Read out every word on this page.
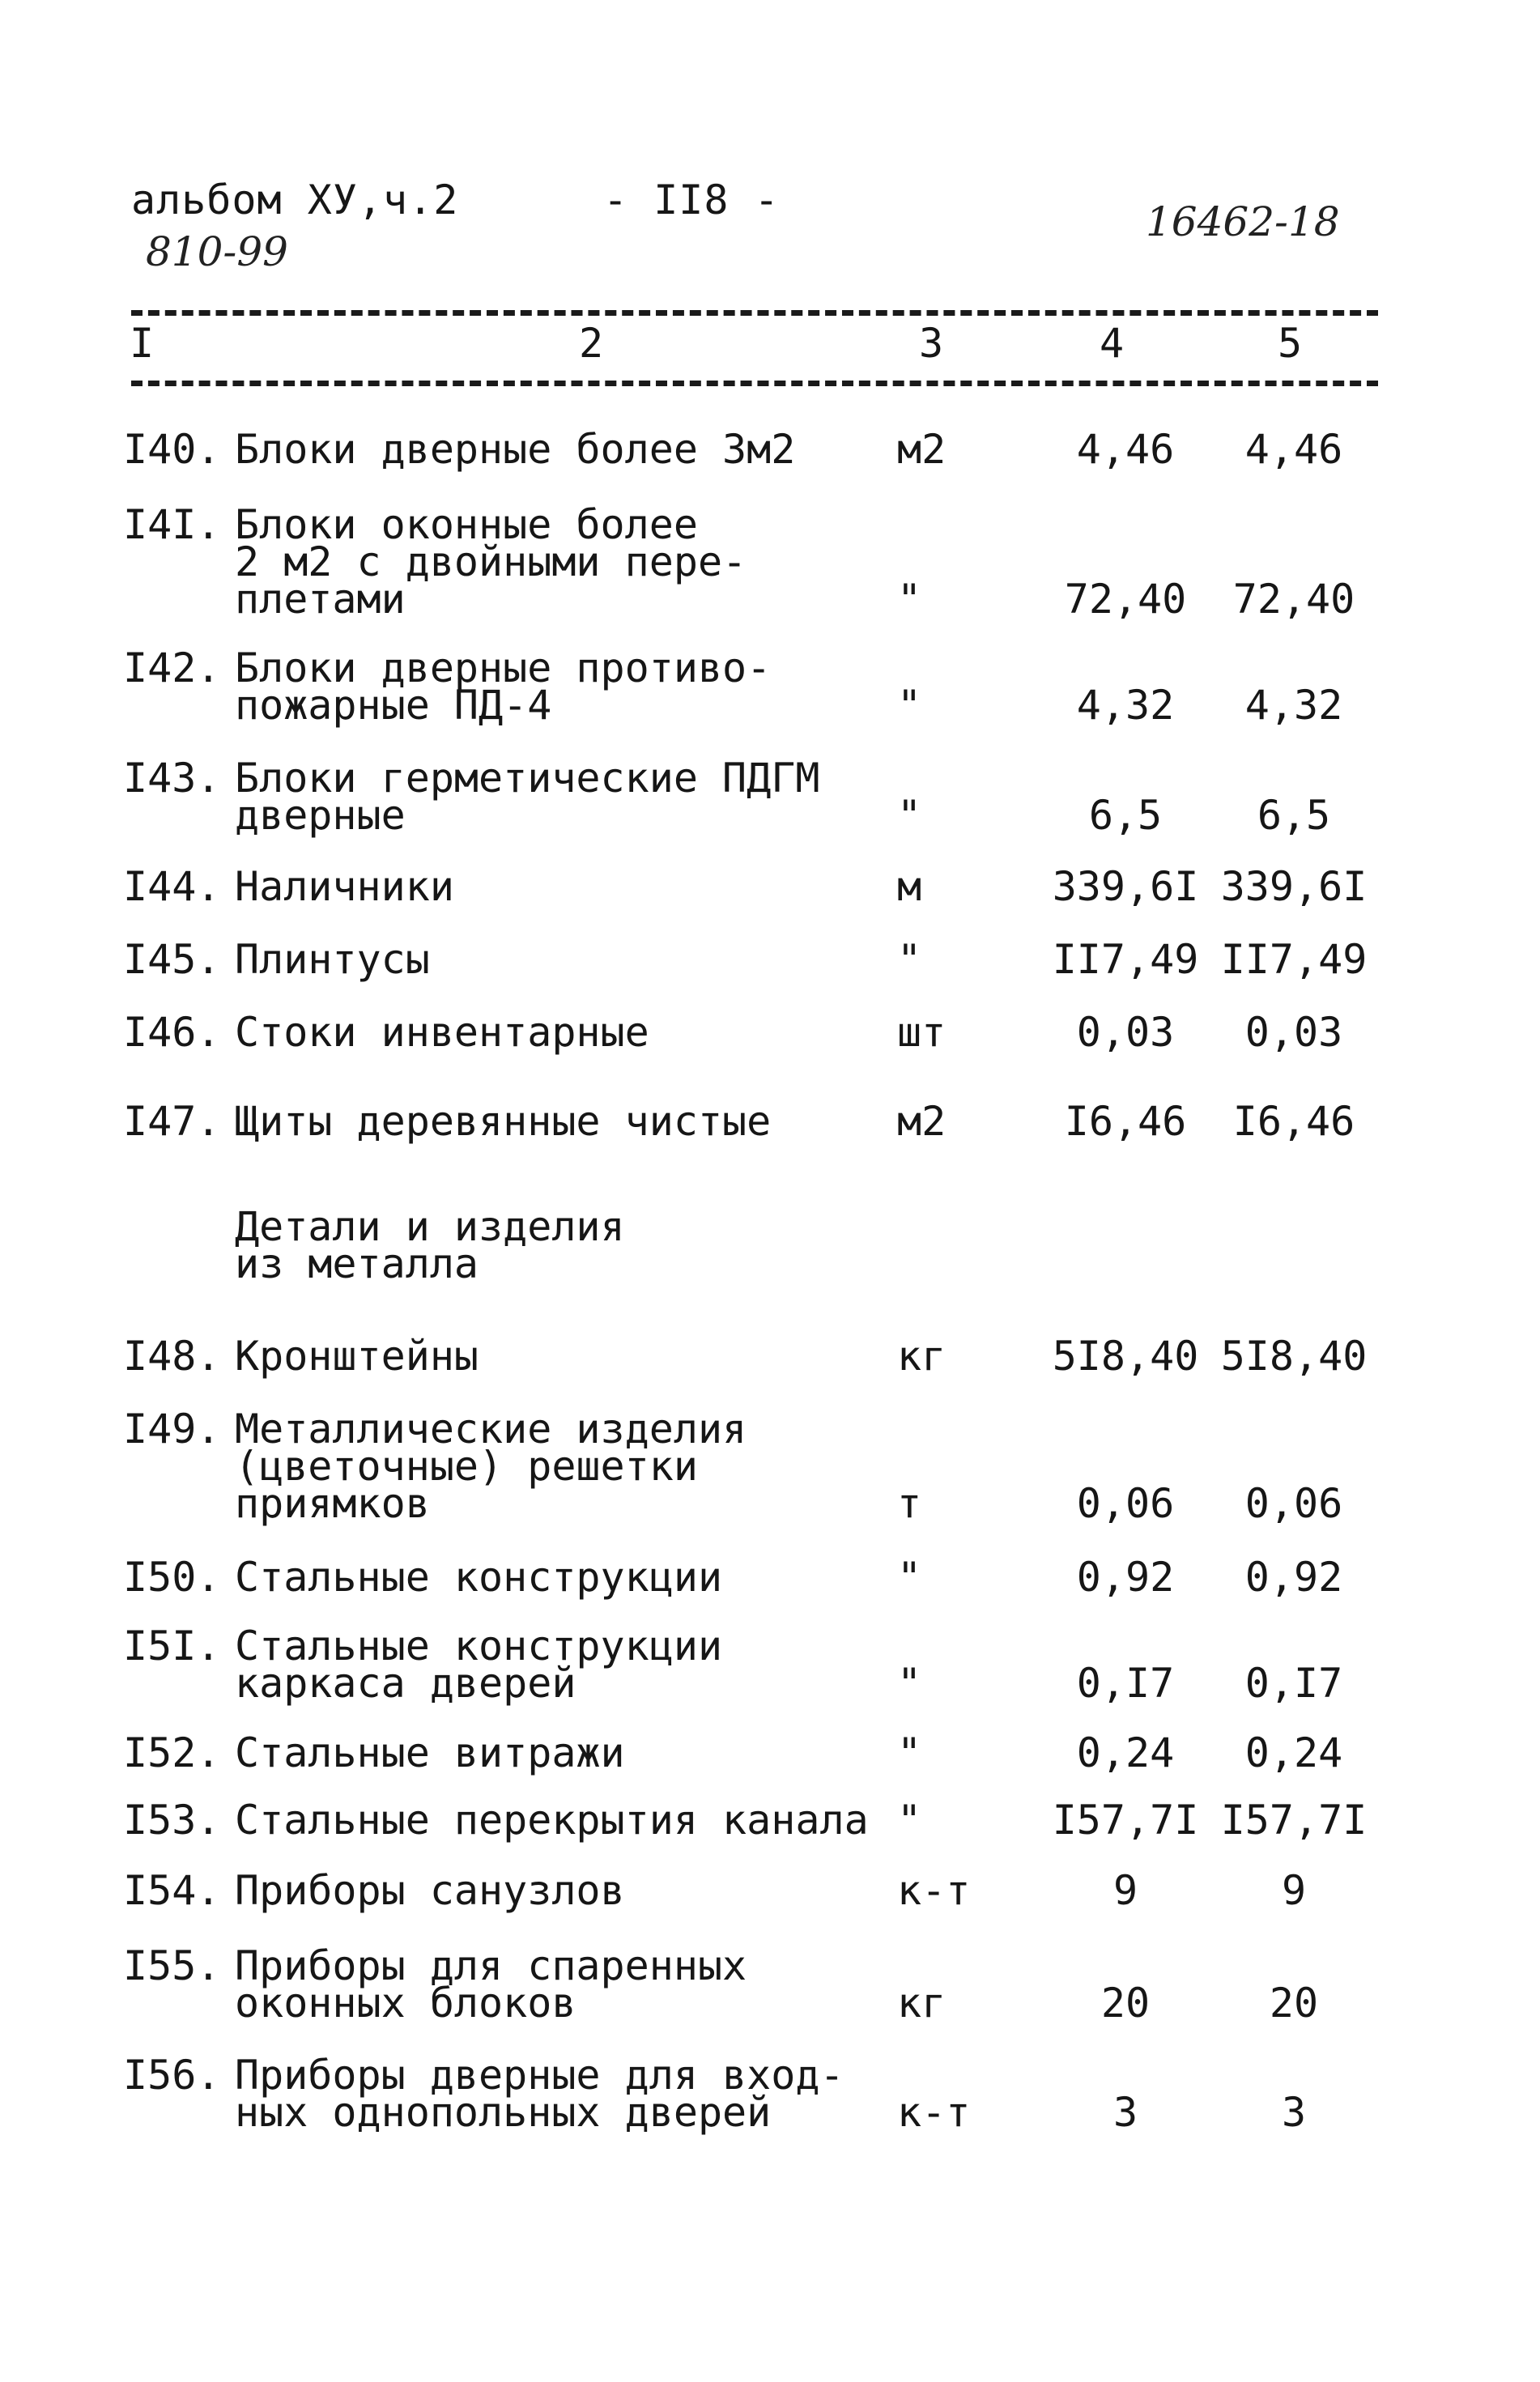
альбом ХУ,ч.2	- II8 -
810-99
16462-18
I	2	3	4	5
I40. Блоки дверные более 3м2	м2	4,46	4,46
I4I. Блоки оконные более
2 м2 с двойными пере-
плетами	"	72,40	72,40
I42. Блоки дверные противо-
пожарные ПД-4	"	4,32	4,32
I43. Блоки герметические ПДГМ
дверные	"	6,5	6,5
I44. Наличники	м	339,6I 339,6I
I45. Плинтусы	"	II7,49 II7,49
I46. Стоки инвентарные	шт	0,03	0,03
I47. Щиты деревянные чистые	м2	I6,46	I6,46
Детали и изделия
из металла
I48. Кронштейны	кг	5I8,40 5I8,40
I49. Металлические изделия
(цветочные) решетки
приямков	т	0,06	0,06
I50. Стальные конструкции	"	0,92	0,92
I5I. Стальные конструкции
каркаса дверей	"	0,I7	0,I7
I52. Стальные витражи	"	0,24	0,24
I53. Стальные перекрытия канала "	I57,7I I57,7I
I54. Приборы санузлов	к-т	9	9
I55. Приборы для спаренных
оконных блоков	кг	20	20
I56. Приборы дверные для вход-
ных однопольных дверей	к-т	3	3
